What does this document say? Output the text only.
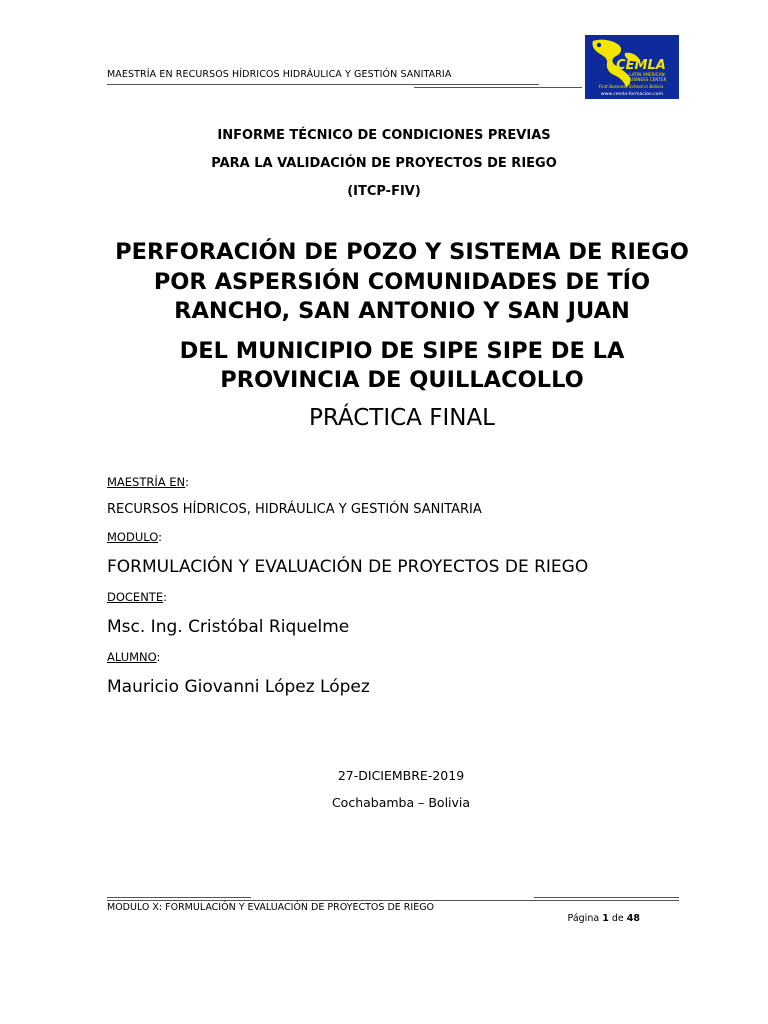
MAESTRÍA EN RECURSOS HÍDRICOS HIDRÁULICA Y GESTIÓN SANITARIA
CEMLA
LATIN AMERICAN
BUSINESS CENTER
First Business School in Bolivia
www.cemla-formacion.com
INFORME TÉCNICO DE CONDICIONES PREVIAS
PARA LA VALIDACIÓN DE PROYECTOS DE RIEGO
(ITCP-FIV)
PERFORACIÓN DE POZO Y SISTEMA DE RIEGO
POR ASPERSIÓN COMUNIDADES DE TÍO
RANCHO, SAN ANTONIO Y SAN JUAN
DEL MUNICIPIO DE SIPE SIPE DE LA
PROVINCIA DE QUILLACOLLO
PRÁCTICA FINAL
MAESTRÍA EN:
RECURSOS HÍDRICOS, HIDRÁULICA Y GESTIÓN SANITARIA
MODULO:
FORMULACIÓN Y EVALUACIÓN DE PROYECTOS DE RIEGO
DOCENTE:
Msc. Ing. Cristóbal Riquelme
ALUMNO:
Mauricio Giovanni López López
27-DICIEMBRE-2019
Cochabamba – Bolivia
MODULO X: FORMULACIÓN Y EVALUACIÓN DE PROYECTOS DE RIEGO
Página 1 de 48
